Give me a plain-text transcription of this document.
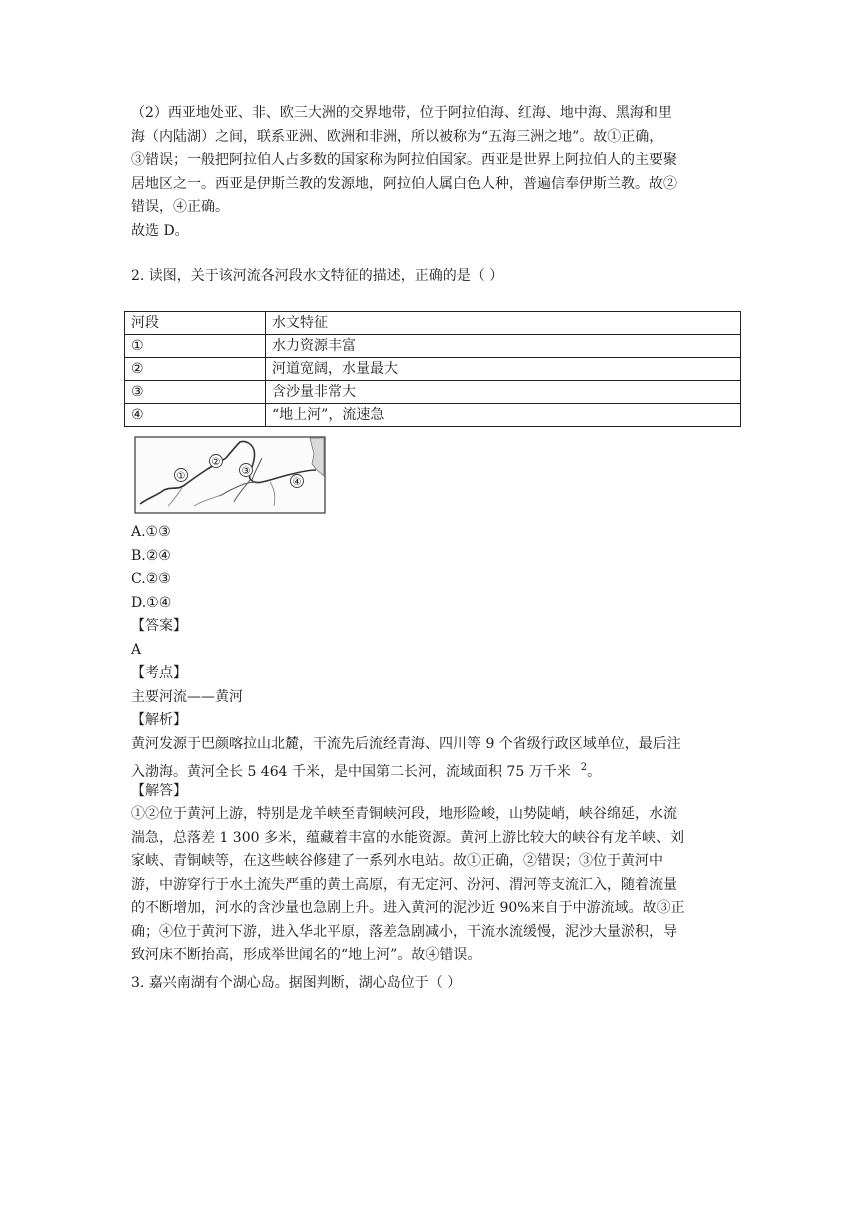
（2）西亚地处亚、非、欧三大洲的交界地带，位于阿拉伯海、红海、地中海、黑海和里
海（内陆湖）之间，联系亚洲、欧洲和非洲，所以被称为“五海三洲之地”。故①正确，
③错误；一般把阿拉伯人占多数的国家称为阿拉伯国家。西亚是世界上阿拉伯人的主要聚
居地区之一。西亚是伊斯兰教的发源地，阿拉伯人属白色人种，普遍信奉伊斯兰教。故②
错误，④正确。
故选 D。
2. 读图，关于该河流各河段水文特征的描述，正确的是（ ）
河段	水文特征
①	水力资源丰富
②	河道宽阔，水量最大
③	含沙量非常大
④	“地上河”，流速急
①
②
③
④
A.①③
B.②④
C.②③
D.①④
【答案】
A
【考点】
主要河流——黄河
【解析】
黄河发源于巴颜喀拉山北麓，干流先后流经青海、四川等 9 个省级行政区域单位，最后注
入渤海。黄河全长 5 464 千米，是中国第二长河，流域面积 75 万千米 $^2$。
【解答】
①②位于黄河上游，特别是龙羊峡至青铜峡河段，地形险峻，山势陡峭，峡谷绵延，水流
湍急，总落差 1 300 多米，蕴藏着丰富的水能资源。黄河上游比较大的峡谷有龙羊峡、刘
家峡、青铜峡等，在这些峡谷修建了一系列水电站。故①正确，②错误；③位于黄河中
游，中游穿行于水土流失严重的黄土高原，有无定河、汾河、渭河等支流汇入，随着流量
的不断增加，河水的含沙量也急剧上升。进入黄河的泥沙近 90%来自于中游流域。故③正
确；④位于黄河下游，进入华北平原，落差急剧减小，干流水流缓慢，泥沙大量淤积，导
致河床不断抬高，形成举世闻名的“地上河”。故④错误。
3. 嘉兴南湖有个湖心岛。据图判断，湖心岛位于（ ）
